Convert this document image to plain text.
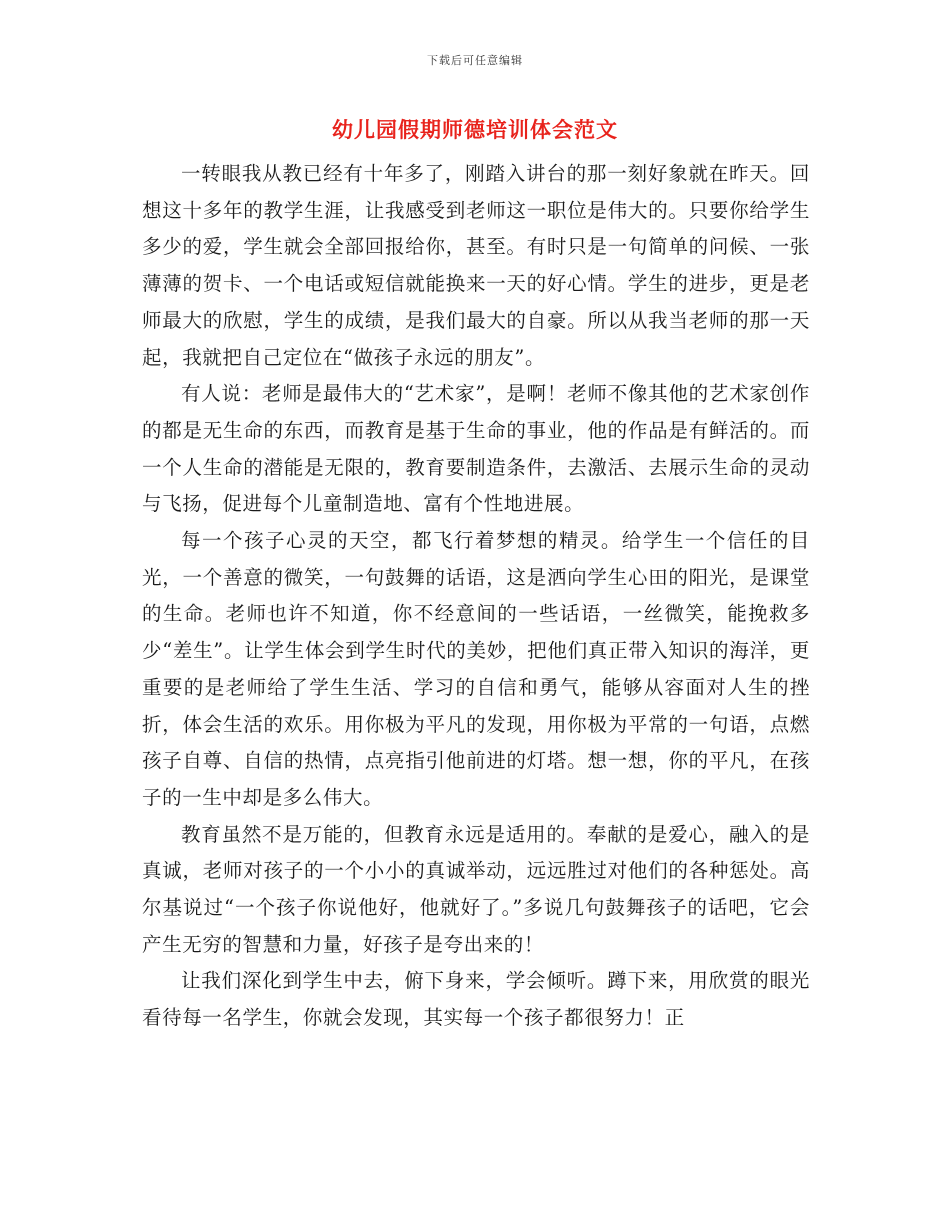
下载后可任意编辑
幼儿园假期师德培训体会范文

一转眼我从教已经有十年多了，刚踏入讲台的那一刻好象就在昨天。回想这十多年的教学生涯，让我感受到老师这一职位是伟大的。只要你给学生多少的爱，学生就会全部回报给你，甚至。有时只是一句简单的问候、一张薄薄的贺卡、一个电话或短信就能换来一天的好心情。学生的进步，更是老师最大的欣慰，学生的成绩，是我们最大的自豪。所以从我当老师的那一天起，我就把自己定位在“做孩子永远的朋友”。

有人说：老师是最伟大的“艺术家”，是啊！老师不像其他的艺术家创作的都是无生命的东西，而教育是基于生命的事业，他的作品是有鲜活的。而一个人生命的潜能是无限的，教育要制造条件，去激活、去展示生命的灵动与飞扬，促进每个儿童制造地、富有个性地进展。

每一个孩子心灵的天空，都飞行着梦想的精灵。给学生一个信任的目光，一个善意的微笑，一句鼓舞的话语，这是洒向学生心田的阳光，是课堂的生命。老师也许不知道，你不经意间的一些话语，一丝微笑，能挽救多少“差生”。让学生体会到学生时代的美妙，把他们真正带入知识的海洋，更重要的是老师给了学生生活、学习的自信和勇气，能够从容面对人生的挫折，体会生活的欢乐。用你极为平凡的发现，用你极为平常的一句语，点燃孩子自尊、自信的热情，点亮指引他前进的灯塔。想一想，你的平凡，在孩子的一生中却是多么伟大。

教育虽然不是万能的，但教育永远是适用的。奉献的是爱心，融入的是真诚，老师对孩子的一个小小的真诚举动，远远胜过对他们的各种惩处。高尔基说过“一个孩子你说他好，他就好了。”多说几句鼓舞孩子的话吧，它会产生无穷的智慧和力量，好孩子是夸出来的！

让我们深化到学生中去，俯下身来，学会倾听。蹲下来，用欣赏的眼光看待每一名学生，你就会发现，其实每一个孩子都很努力！正
